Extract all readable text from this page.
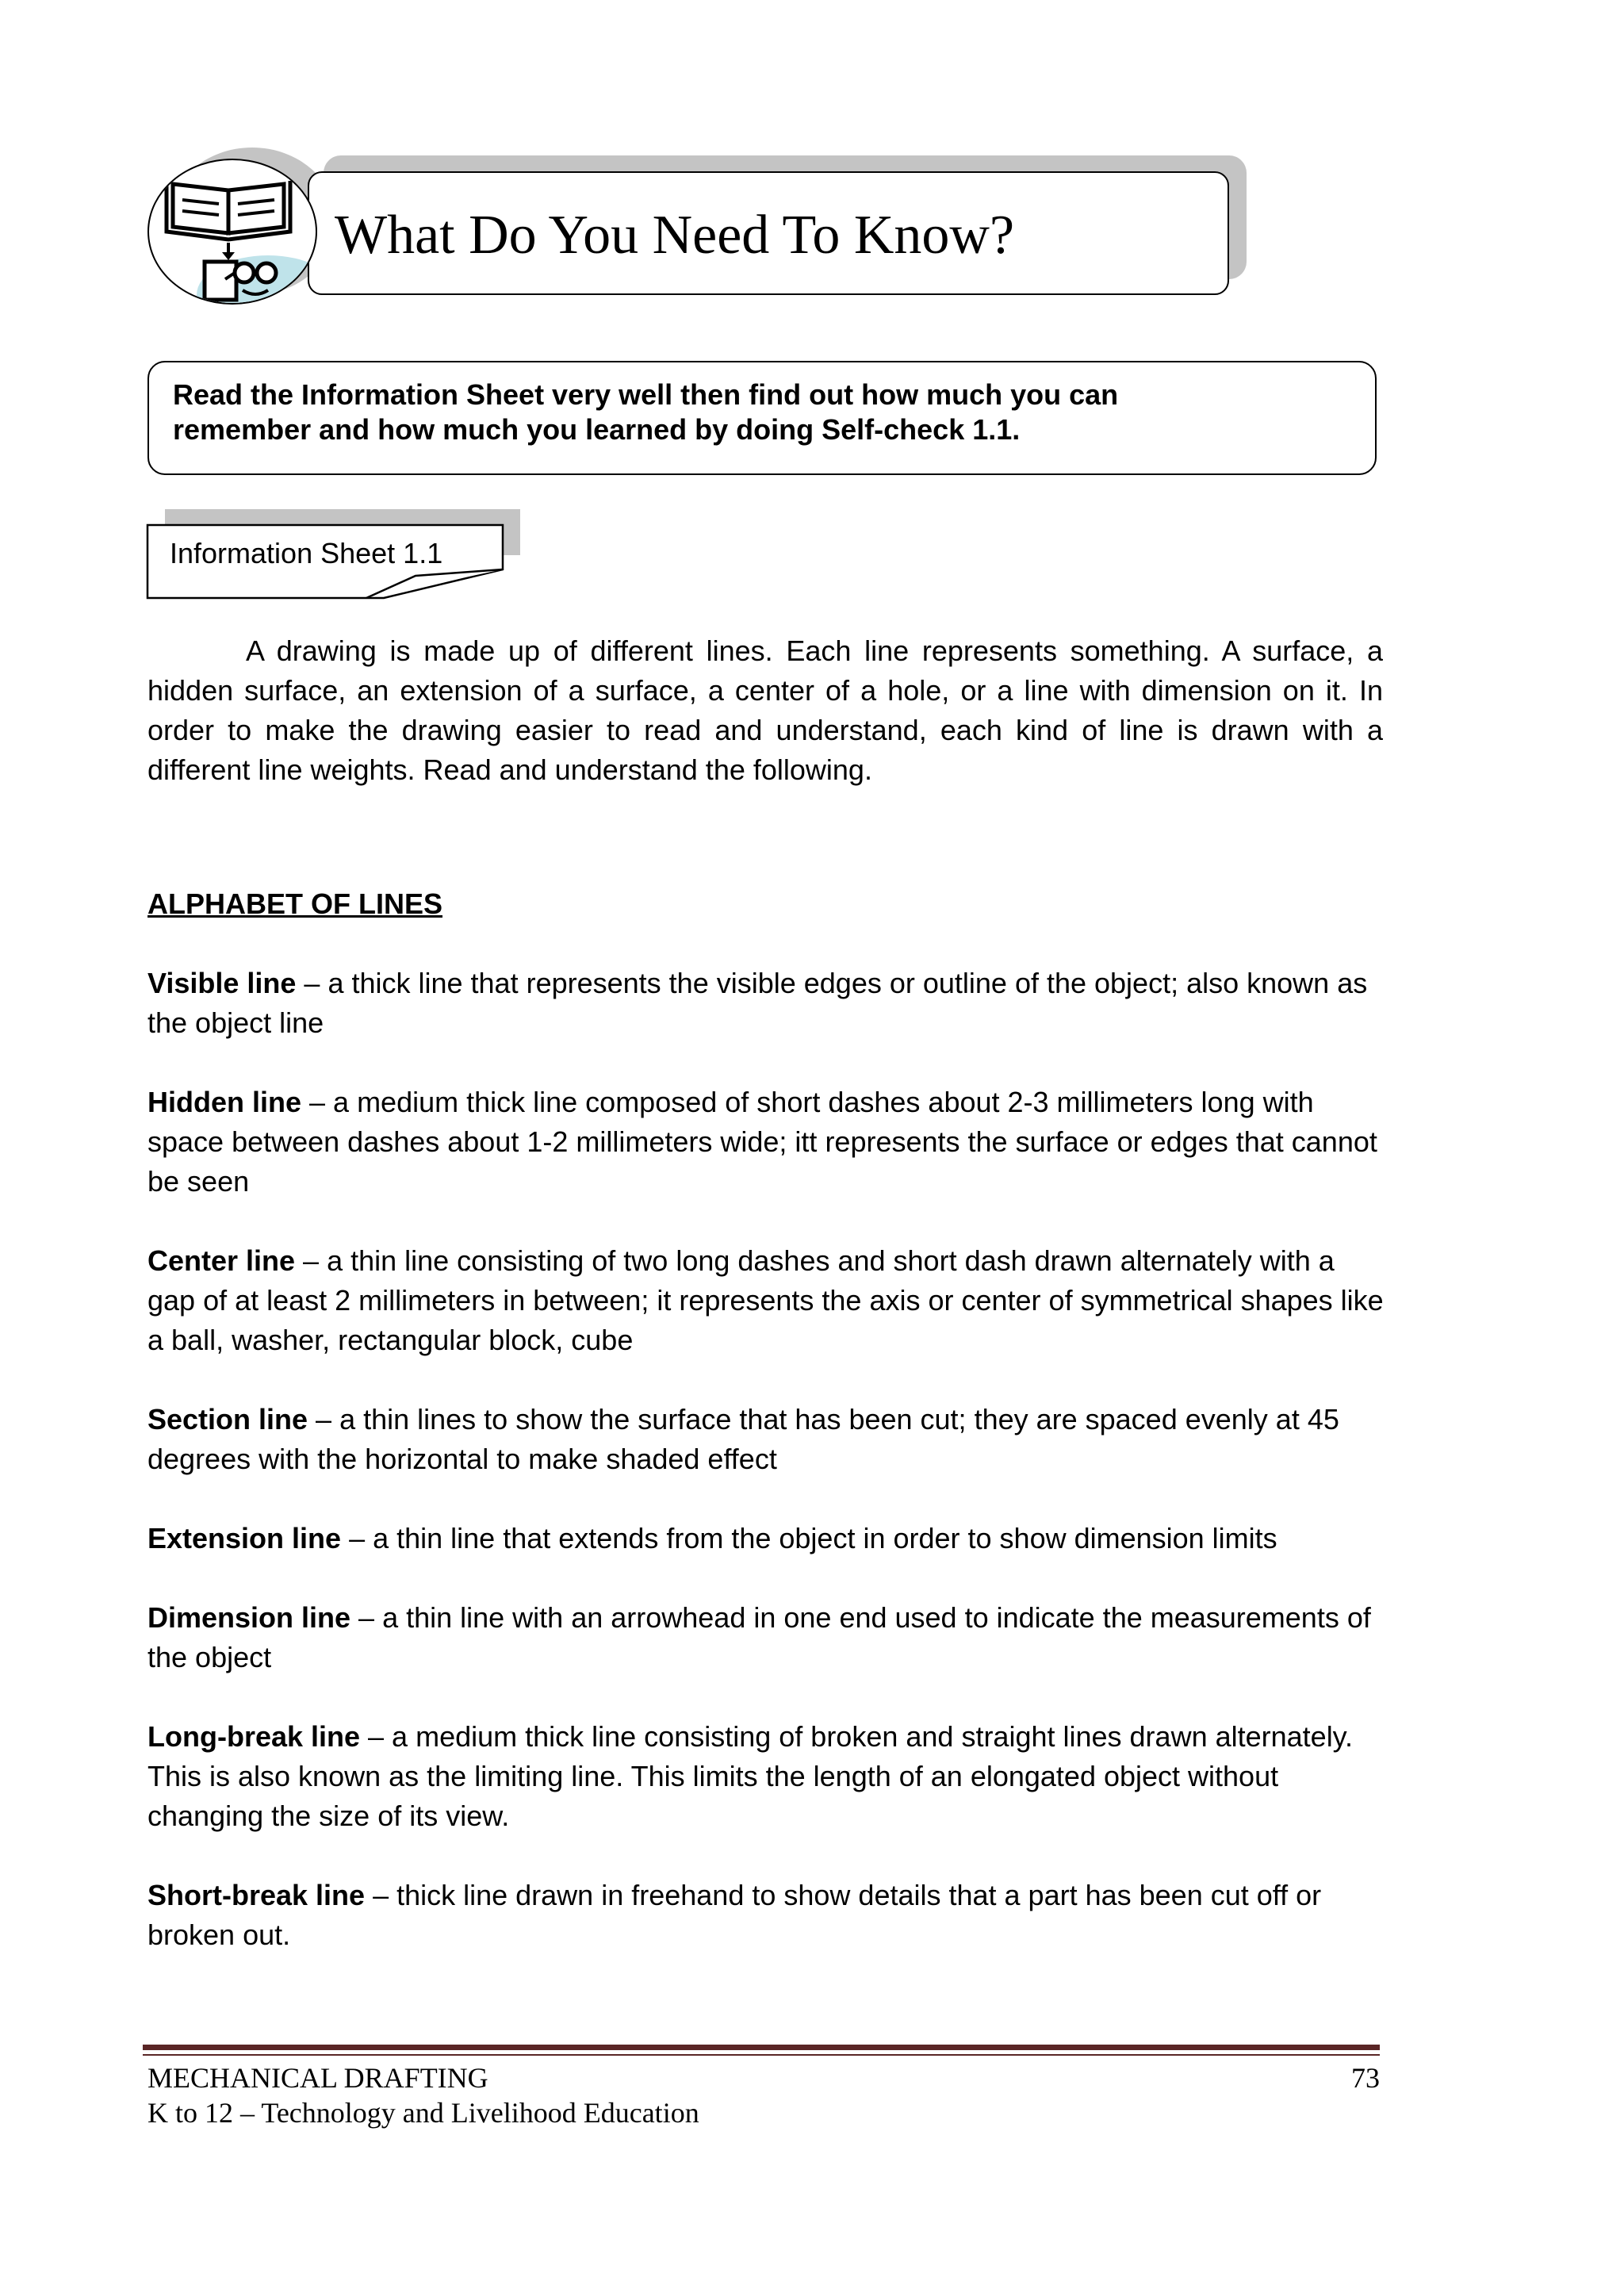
What Do You Need To Know?
Read the Information Sheet very well then find out how much you can
remember and how much you learned by doing Self-check 1.1.
Information Sheet 1.1

A drawing is made up of different lines. Each line represents something. A surface, a hidden surface, an extension of a surface, a center of a hole, or a line with dimension on it. In order to make the drawing easier to read and understand, each kind of line is drawn with a different line weights. Read and understand the following.

ALPHABET OF LINES

Visible line – a thick line that represents the visible edges or outline of the object; also known as the object line

Hidden line – a medium thick line composed of short dashes about 2-3 millimeters long with space between dashes about 1-2 millimeters wide; itt represents the surface or edges that cannot be seen

Center line – a thin line consisting of two long dashes and short dash drawn alternately with a gap of at least 2 millimeters in between; it represents the axis or center of symmetrical shapes like a ball, washer, rectangular block, cube

Section line – a thin lines to show the surface that has been cut; they are spaced evenly at 45 degrees with the horizontal to make shaded effect

Extension line – a thin line that extends from the object in order to show dimension limits

Dimension line – a thin line with an arrowhead in one end used to indicate the measurements of the object

Long-break line – a medium thick line consisting of broken and straight lines drawn alternately. This is also known as the limiting line. This limits the length of an elongated object without changing the size of its view.

Short-break line – thick line drawn in freehand to show details that a part has been cut off or broken out.

MECHANICAL DRAFTING
K to 12 – Technology and Livelihood Education
73
